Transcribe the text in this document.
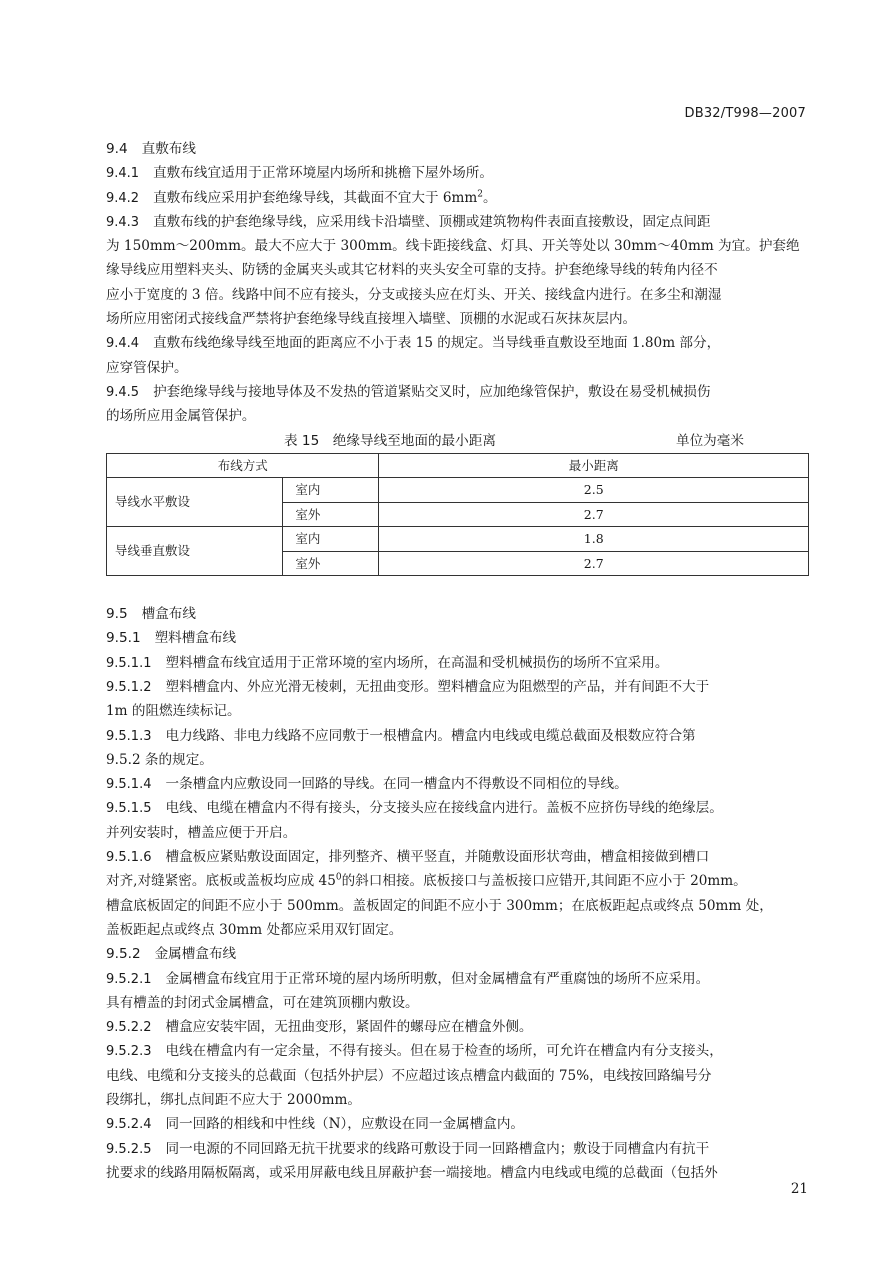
DB32/T998—2007
9.4 直敷布线
9.4.1 直敷布线宜适用于正常环境屋内场所和挑檐下屋外场所。
9.4.2 直敷布线应采用护套绝缘导线，其截面不宜大于 $6mm^2$。
9.4.3 直敷布线的护套绝缘导线，应采用线卡沿墙壁、顶棚或建筑物构件表面直接敷设，固定点间距
为 150mm～200mm。最大不应大于 300mm。线卡距接线盒、灯具、开关等处以 30mm～40mm 为宜。护套绝
缘导线应用塑料夹头、防锈的金属夹头或其它材料的夹头安全可靠的支持。护套绝缘导线的转角内径不
应小于宽度的 3 倍。线路中间不应有接头，分支或接头应在灯头、开关、接线盒内进行。在多尘和潮湿
场所应用密闭式接线盒严禁将护套绝缘导线直接埋入墙壁、顶棚的水泥或石灰抹灰层内。
9.4.4 直敷布线绝缘导线至地面的距离应不小于表 15 的规定。当导线垂直敷设至地面 1.80m 部分，
应穿管保护。
9.4.5 护套绝缘导线与接地导体及不发热的管道紧贴交叉时，应加绝缘管保护，敷设在易受机械损伤
的场所应用金属管保护。
表 15　绝缘导线至地面的最小距离	单位为毫米
布线方式		最小距离
导线水平敷设	室内	2.5
	室外	2.7
导线垂直敷设	室内	1.8
	室外	2.7
9.5 槽盒布线
9.5.1 塑料槽盒布线
9.5.1.1 塑料槽盒布线宜适用于正常环境的室内场所，在高温和受机械损伤的场所不宜采用。
9.5.1.2 塑料槽盒内、外应光滑无棱刺，无扭曲变形。塑料槽盒应为阻燃型的产品，并有间距不大于
1m 的阻燃连续标记。
9.5.1.3 电力线路、非电力线路不应同敷于一根槽盒内。槽盒内电线或电缆总截面及根数应符合第
9.5.2 条的规定。
9.5.1.4 一条槽盒内应敷设同一回路的导线。在同一槽盒内不得敷设不同相位的导线。
9.5.1.5 电线、电缆在槽盒内不得有接头，分支接头应在接线盒内进行。盖板不应挤伤导线的绝缘层。
并列安装时，槽盖应便于开启。
9.5.1.6 槽盒板应紧贴敷设面固定，排列整齐、横平竖直，并随敷设面形状弯曲，槽盒相接做到槽口
对齐,对缝紧密。底板或盖板均应成 $45^0$的斜口相接。底板接口与盖板接口应错开,其间距不应小于 20mm。
槽盒底板固定的间距不应小于 500mm。盖板固定的间距不应小于 300mm；在底板距起点或终点 50mm 处，
盖板距起点或终点 30mm 处都应采用双钉固定。
9.5.2 金属槽盒布线
9.5.2.1 金属槽盒布线宜用于正常环境的屋内场所明敷，但对金属槽盒有严重腐蚀的场所不应采用。
具有槽盖的封闭式金属槽盒，可在建筑顶棚内敷设。
9.5.2.2 槽盒应安装牢固，无扭曲变形，紧固件的螺母应在槽盒外侧。
9.5.2.3 电线在槽盒内有一定余量，不得有接头。但在易于检查的场所，可允许在槽盒内有分支接头，
电线、电缆和分支接头的总截面（包括外护层）不应超过该点槽盒内截面的 75%，电线按回路编号分
段绑扎，绑扎点间距不应大于 2000mm。
9.5.2.4 同一回路的相线和中性线（N），应敷设在同一金属槽盒内。
9.5.2.5 同一电源的不同回路无抗干扰要求的线路可敷设于同一回路槽盒内；敷设于同槽盒内有抗干
扰要求的线路用隔板隔离，或采用屏蔽电线且屏蔽护套一端接地。槽盒内电线或电缆的总截面（包括外
21
